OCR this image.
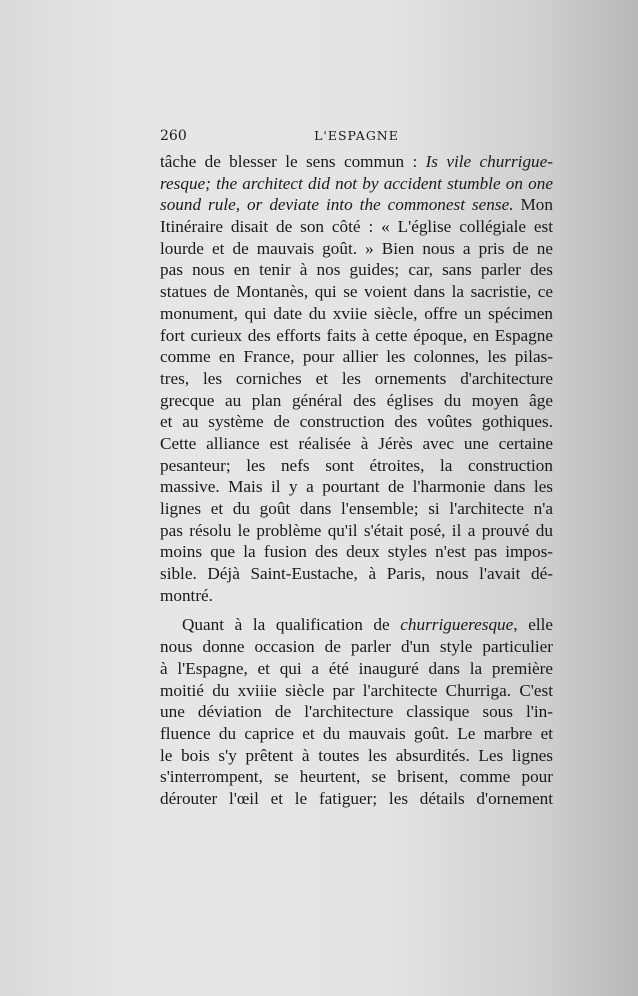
260	L'ESPAGNE
tâche de blesser le sens commun : Is vile churrigue-
resque; the architect did not by accident stumble on one
sound rule, or deviate into the commonest sense. Mon
Itinéraire disait de son côté : « L'église collégiale est
lourde et de mauvais goût. » Bien nous a pris de ne
pas nous en tenir à nos guides; car, sans parler des
statues de Montanès, qui se voient dans la sacristie, ce
monument, qui date du xviie siècle, offre un spécimen
fort curieux des efforts faits à cette époque, en Espagne
comme en France, pour allier les colonnes, les pilas-
tres, les corniches et les ornements d'architecture
grecque au plan général des églises du moyen âge
et au système de construction des voûtes gothiques.
Cette alliance est réalisée à Jérès avec une certaine
pesanteur; les nefs sont étroites, la construction
massive. Mais il y a pourtant de l'harmonie dans les
lignes et du goût dans l'ensemble; si l'architecte n'a
pas résolu le problème qu'il s'était posé, il a prouvé du
moins que la fusion des deux styles n'est pas impos-
sible. Déjà Saint-Eustache, à Paris, nous l'avait dé-
montré.
Quant à la qualification de churrigueresque, elle
nous donne occasion de parler d'un style particulier
à l'Espagne, et qui a été inauguré dans la première
moitié du xviiie siècle par l'architecte Churriga. C'est
une déviation de l'architecture classique sous l'in-
fluence du caprice et du mauvais goût. Le marbre et
le bois s'y prêtent à toutes les absurdités. Les lignes
s'interrompent, se heurtent, se brisent, comme pour
dérouter l'œil et le fatiguer; les détails d'ornement
